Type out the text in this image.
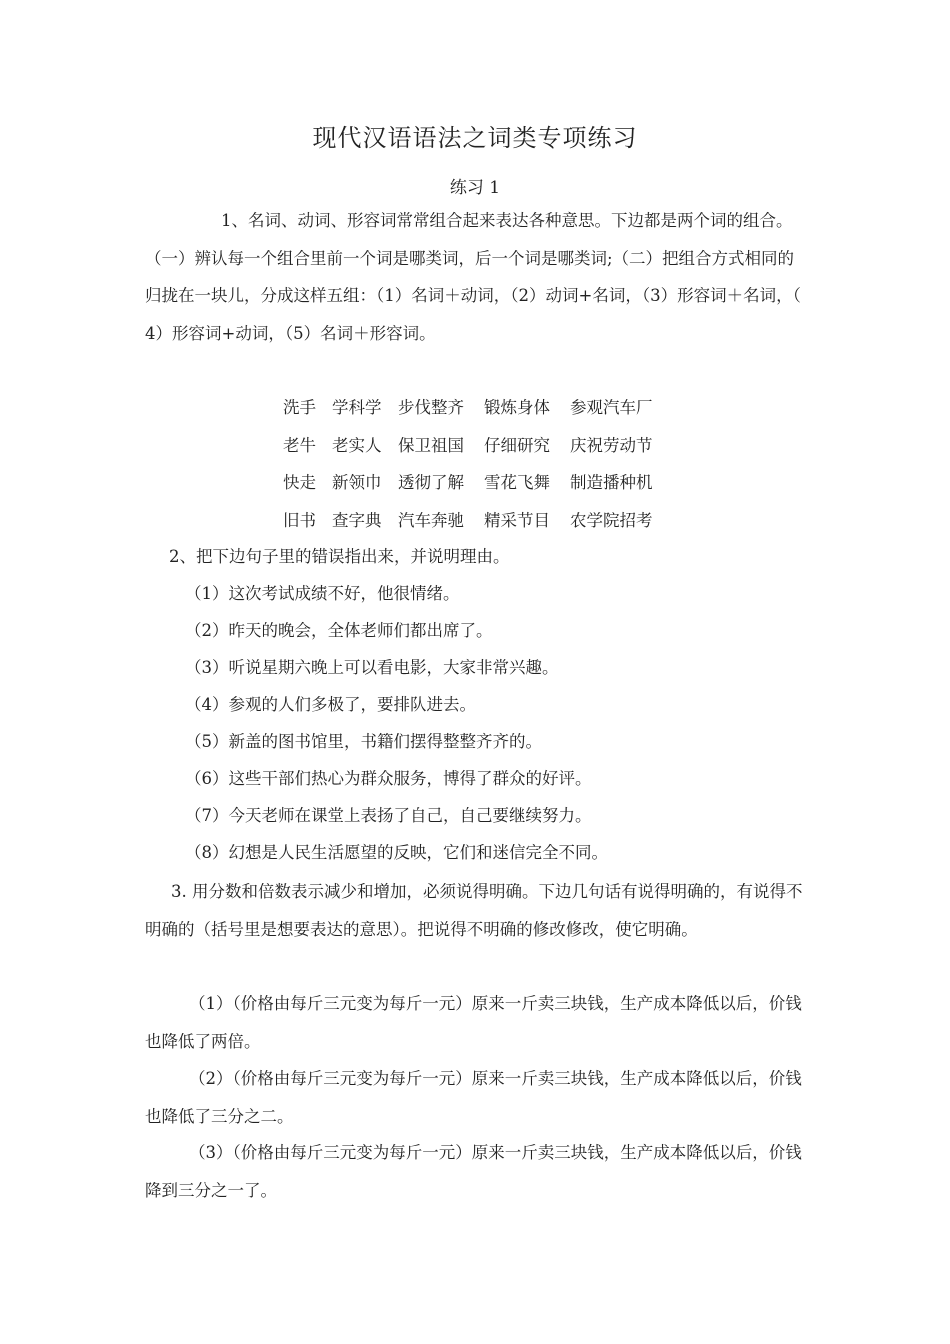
现代汉语语法之词类专项练习
练习 1

1、名词、动词、形容词常常组合起来表达各种意思。下边都是两个词的组合。（一）辨认每一个组合里前一个词是哪类词，后一个词是哪类词;（二）把组合方式相同的归拢在一块儿，分成这样五组：（1）名词＋动词，（2）动词+名词，（3）形容词＋名词，（ 4）形容词+动词，（5）名词＋形容词。

洗手 学科学	步伐整齐	锻炼身体	参观汽车厂
老牛 老实人	保卫祖国	仔细研究	庆祝劳动节
快走 新领巾	透彻了解	雪花飞舞	制造播种机
旧书 查字典	汽车奔驰	精采节目	农学院招考
2、把下边句子里的错误指出来，并说明理由。
（1）这次考试成绩不好，他很情绪。
（2）昨天的晚会，全体老师们都出席了。
（3）听说星期六晚上可以看电影，大家非常兴趣。
（4）参观的人们多极了，要排队进去。
（5）新盖的图书馆里，书籍们摆得整整齐齐的。
（6）这些干部们热心为群众服务，博得了群众的好评。
（7）今天老师在课堂上表扬了自己，自己要继续努力。
（8）幻想是人民生活愿望的反映，它们和迷信完全不同。

3. 用分数和倍数表示减少和增加，必须说得明确。下边几句话有说得明确的，有说得不明确的（括号里是想要表达的意思）。把说得不明确的修改修改，使它明确。

（1）（价格由每斤三元变为每斤一元）原来一斤卖三块钱，生产成本降低以后，价钱也降低了两倍。

（2）（价格由每斤三元变为每斤一元）原来一斤卖三块钱，生产成本降低以后，价钱也降低了三分之二。

（3）（价格由每斤三元变为每斤一元）原来一斤卖三块钱，生产成本降低以后，价钱降到三分之一了。
